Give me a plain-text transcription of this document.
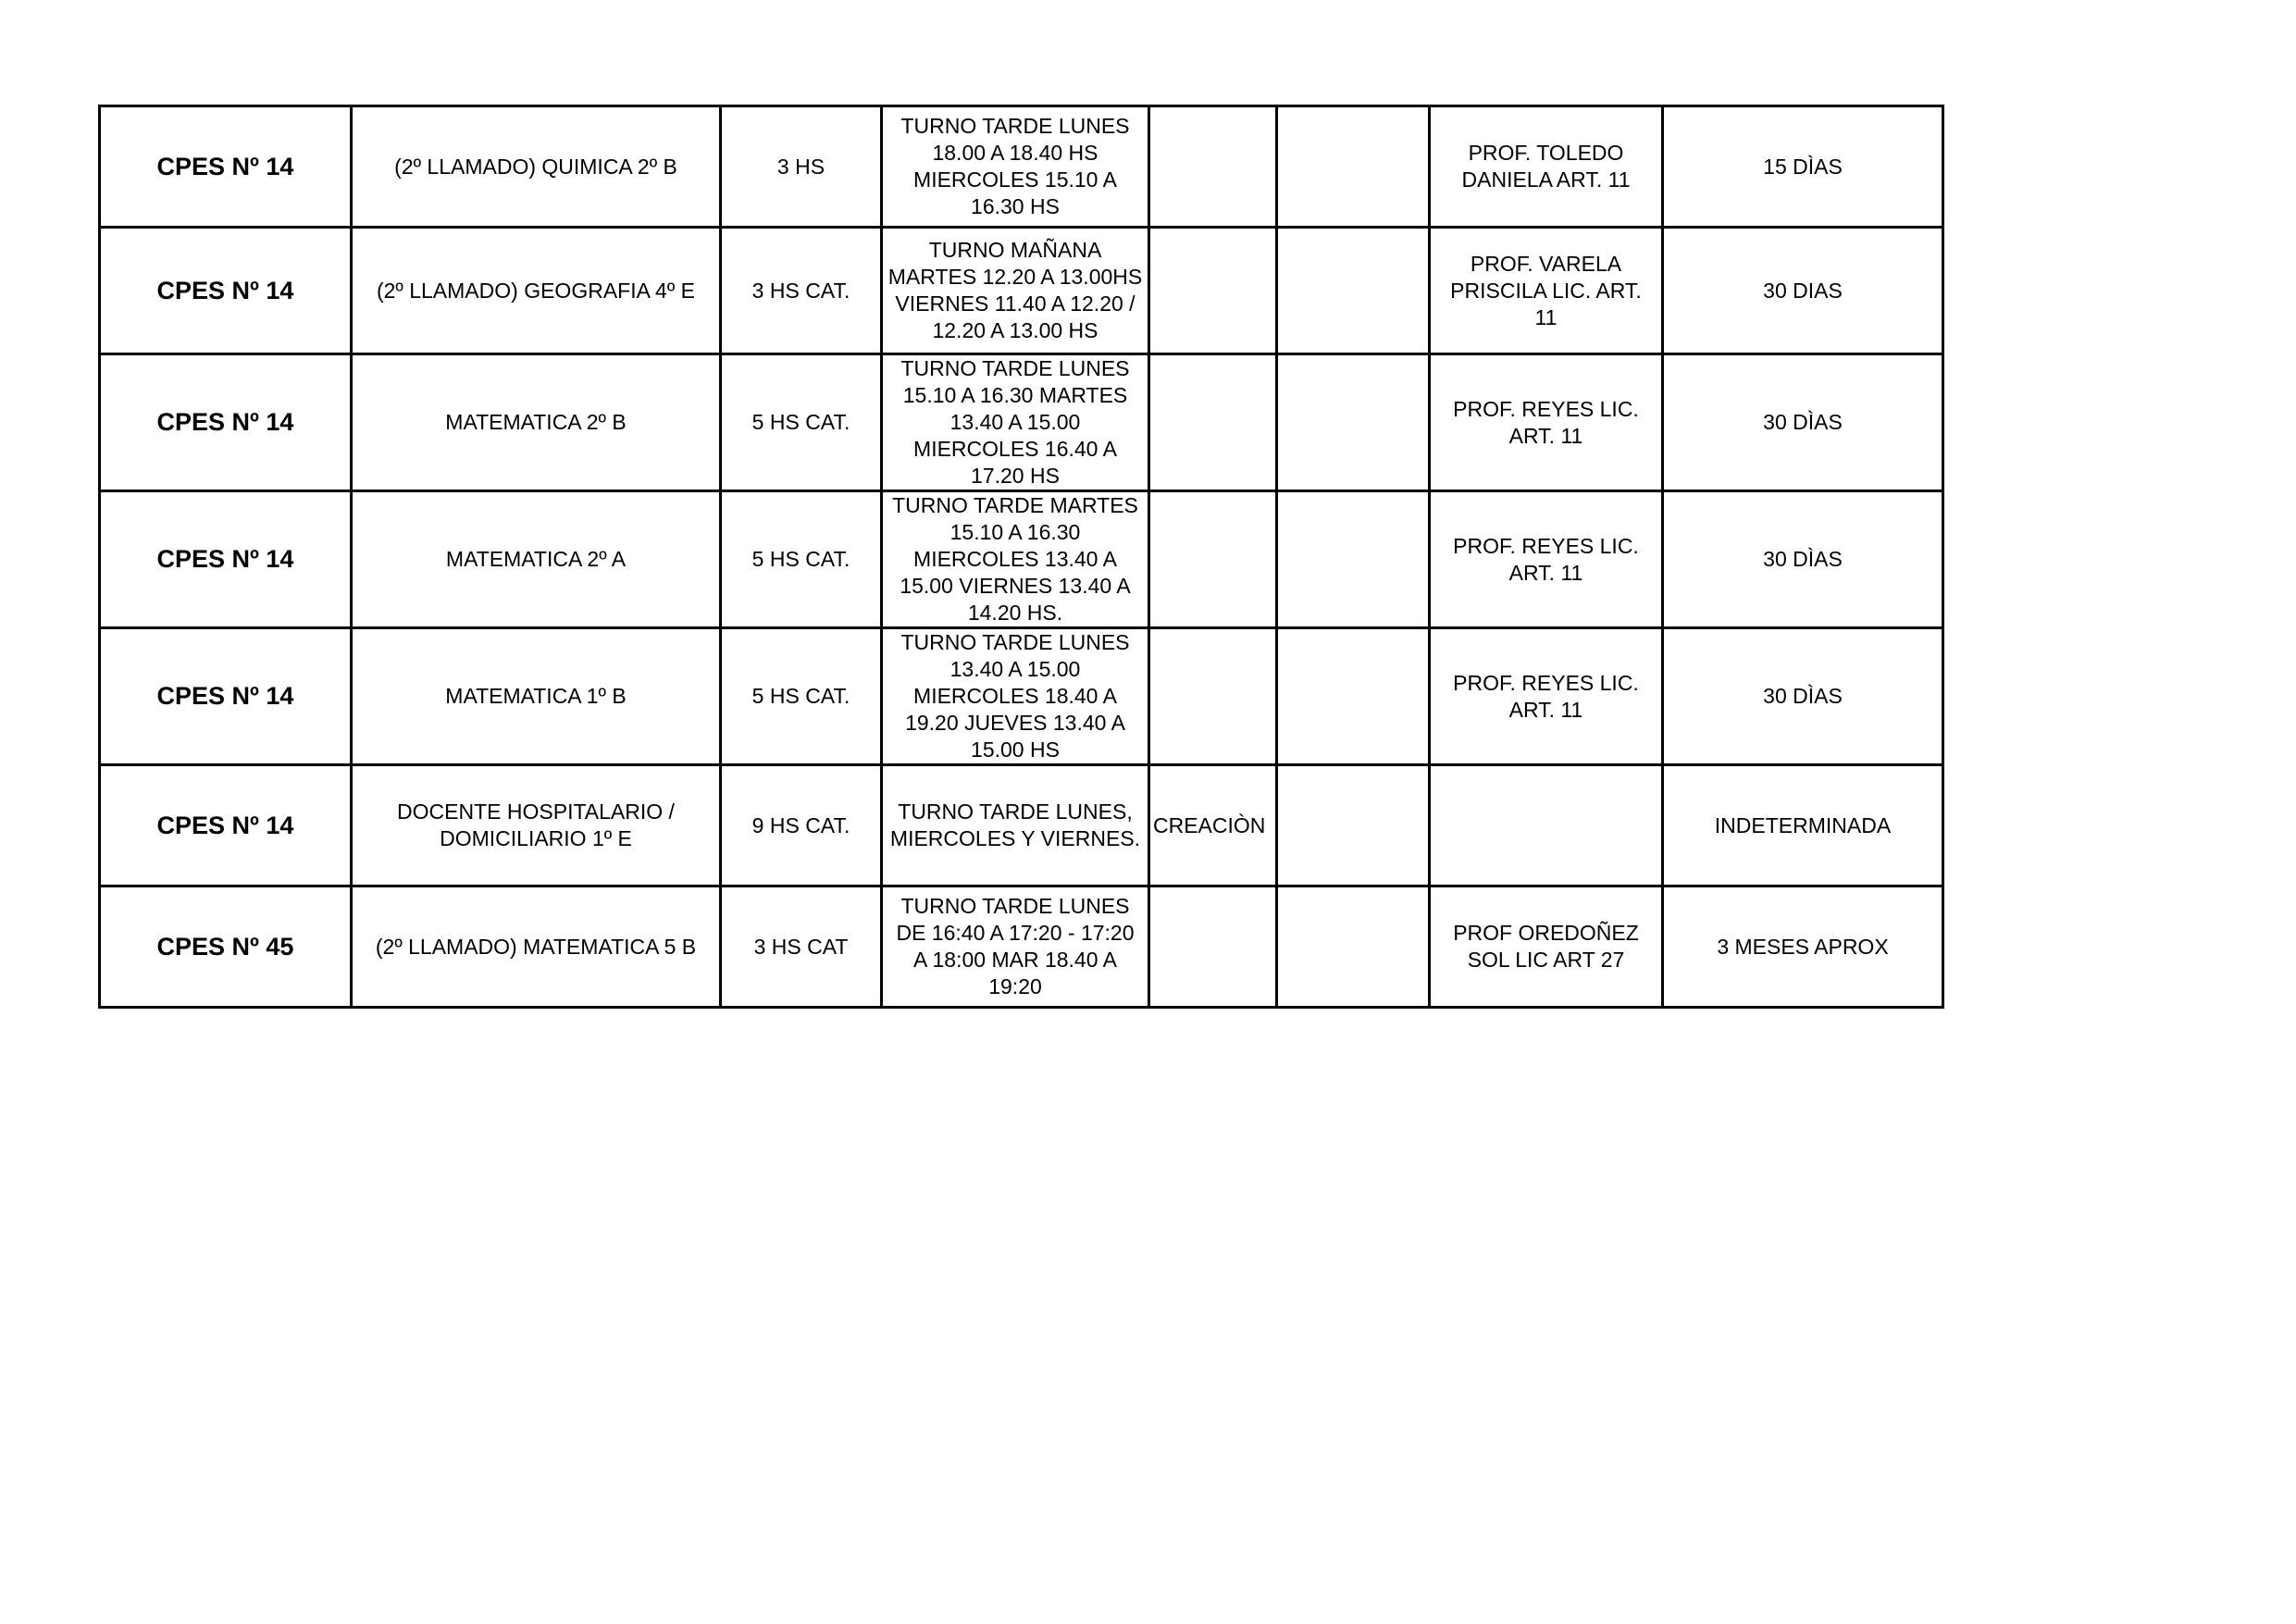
CPES Nº 14	(2º LLAMADO) QUIMICA 2º B	3 HS	TURNO TARDE LUNES
18.00 A 18.40 HS
MIERCOLES 15.10 A
16.30 HS			PROF. TOLEDO
DANIELA ART. 11	15 DÌAS
CPES Nº 14	(2º LLAMADO) GEOGRAFIA 4º E	3 HS CAT.	TURNO MAÑANA
MARTES 12.20 A 13.00HS
VIERNES 11.40 A 12.20 /
12.20 A 13.00 HS			PROF. VARELA
PRISCILA LIC. ART.
11	30 DIAS
CPES Nº 14	MATEMATICA 2º B	5 HS CAT.	TURNO TARDE LUNES
15.10 A 16.30 MARTES
13.40 A 15.00
MIERCOLES 16.40 A
17.20 HS			PROF. REYES LIC.
ART. 11	30 DÌAS
CPES Nº 14	MATEMATICA 2º A	5 HS CAT.	TURNO TARDE MARTES
15.10 A 16.30
MIERCOLES 13.40 A
15.00 VIERNES 13.40 A
14.20 HS.			PROF. REYES LIC.
ART. 11	30 DÌAS
CPES Nº 14	MATEMATICA 1º B	5 HS CAT.	TURNO TARDE LUNES
13.40 A 15.00
MIERCOLES 18.40 A
19.20 JUEVES 13.40 A
15.00 HS			PROF. REYES LIC.
ART. 11	30 DÌAS
CPES Nº 14	DOCENTE HOSPITALARIO /
DOMICILIARIO 1º E	9 HS CAT.	TURNO TARDE LUNES,
MIERCOLES Y VIERNES.	CREACIÒN			INDETERMINADA
CPES Nº 45	(2º LLAMADO) MATEMATICA 5 B	3 HS CAT	TURNO TARDE LUNES
DE 16:40 A 17:20 - 17:20
A 18:00 MAR 18.40 A
19:20			PROF OREDOÑEZ
SOL LIC ART 27	3 MESES APROX
